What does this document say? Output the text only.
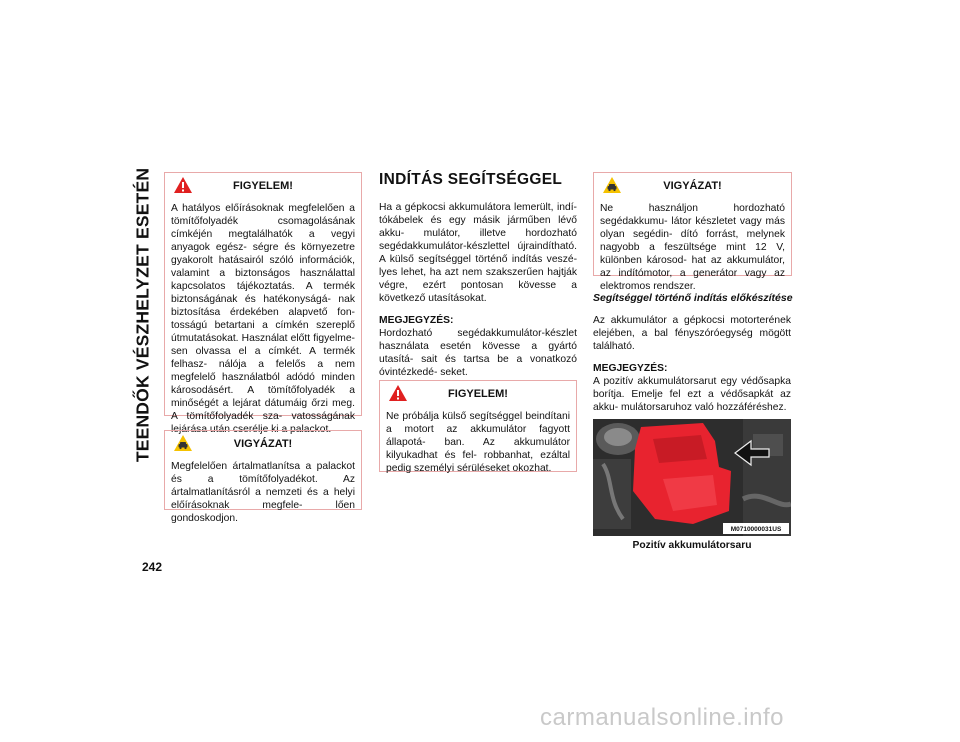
TEENDŐK VÉSZHELYZET ESETÉN	FIGYELEM!
A hatályos előírásoknak megfelelően a tömítőfolyadék csomagolásának címkéjén megtalálhatók a vegyi anyagok egész- ségre és környezetre gyakorolt hatásairól szóló információk, valamint a biztonságos használattal kapcsolatos tájékoztatás. A termék biztonságának és hatékonyságá- nak biztosítása érdekében alapvető fon- tosságú betartani a címkén szereplő útmutatásokat. Használat előtt figyelme- sen olvassa el a címkét. A termék felhasz- nálója a felelős a nem megfelelő használatból adódó minden károsodásért. A tömítőfolyadék a minőségét a lejárat dátumáig őrzi meg. A tömítőfolyadék sza- vatosságának lejárása után cserélje ki a palackot.
VIGYÁZAT!
Megfelelően ártalmatlanítsa a palackot és a tömítőfolyadékot. Az ártalmatlanításról a nemzeti és a helyi előírásoknak megfele- lően gondoskodjon.
INDÍTÁS SEGÍTSÉGGEL

Ha a gépkocsi akkumulátora lemerült, indí- tókábelek és egy másik járműben lévő akku- mulátor, illetve hordozható segédakkumulátor-készlettel újraindítható. A külső segítséggel történő indítás veszé- lyes lehet, ha azt nem szakszerűen hajtják végre, ezért pontosan kövesse a következő utasításokat.

MEGJEGYZÉS:

Hordozható segédakkumulátor-készlet használata esetén kövesse a gyártó utasítá- sait és tartsa be a vonatkozó óvintézkedé- seket.

FIGYELEM!
Ne próbálja külső segítséggel beindítani a motort az akkumulátor fagyott állapotá- ban. Az akkumulátor kilyukadhat és fel- robbanhat, ezáltal pedig személyi sérüléseket okozhat.
VIGYÁZAT!
Ne használjon hordozható segédakkumu- látor készletet vagy más olyan segédin- dító forrást, melynek nagyobb a feszültsége mint 12 V, különben károsod- hat az akkumulátor, az indítómotor, a generátor vagy az elektromos rendszer.
Segítséggel történő indítás előkészítése

Az akkumulátor a gépkocsi motorterének elejében, a bal fényszóróegység mögött található.

MEGJEGYZÉS:

A pozitív akkumulátorsarut egy védősapka borítja. Emelje fel ezt a védősapkát az akku- mulátorsaruhoz való hozzáféréshez.

M0710000031US
Pozitív akkumulátorsaru
242
carmanualsonline.info
